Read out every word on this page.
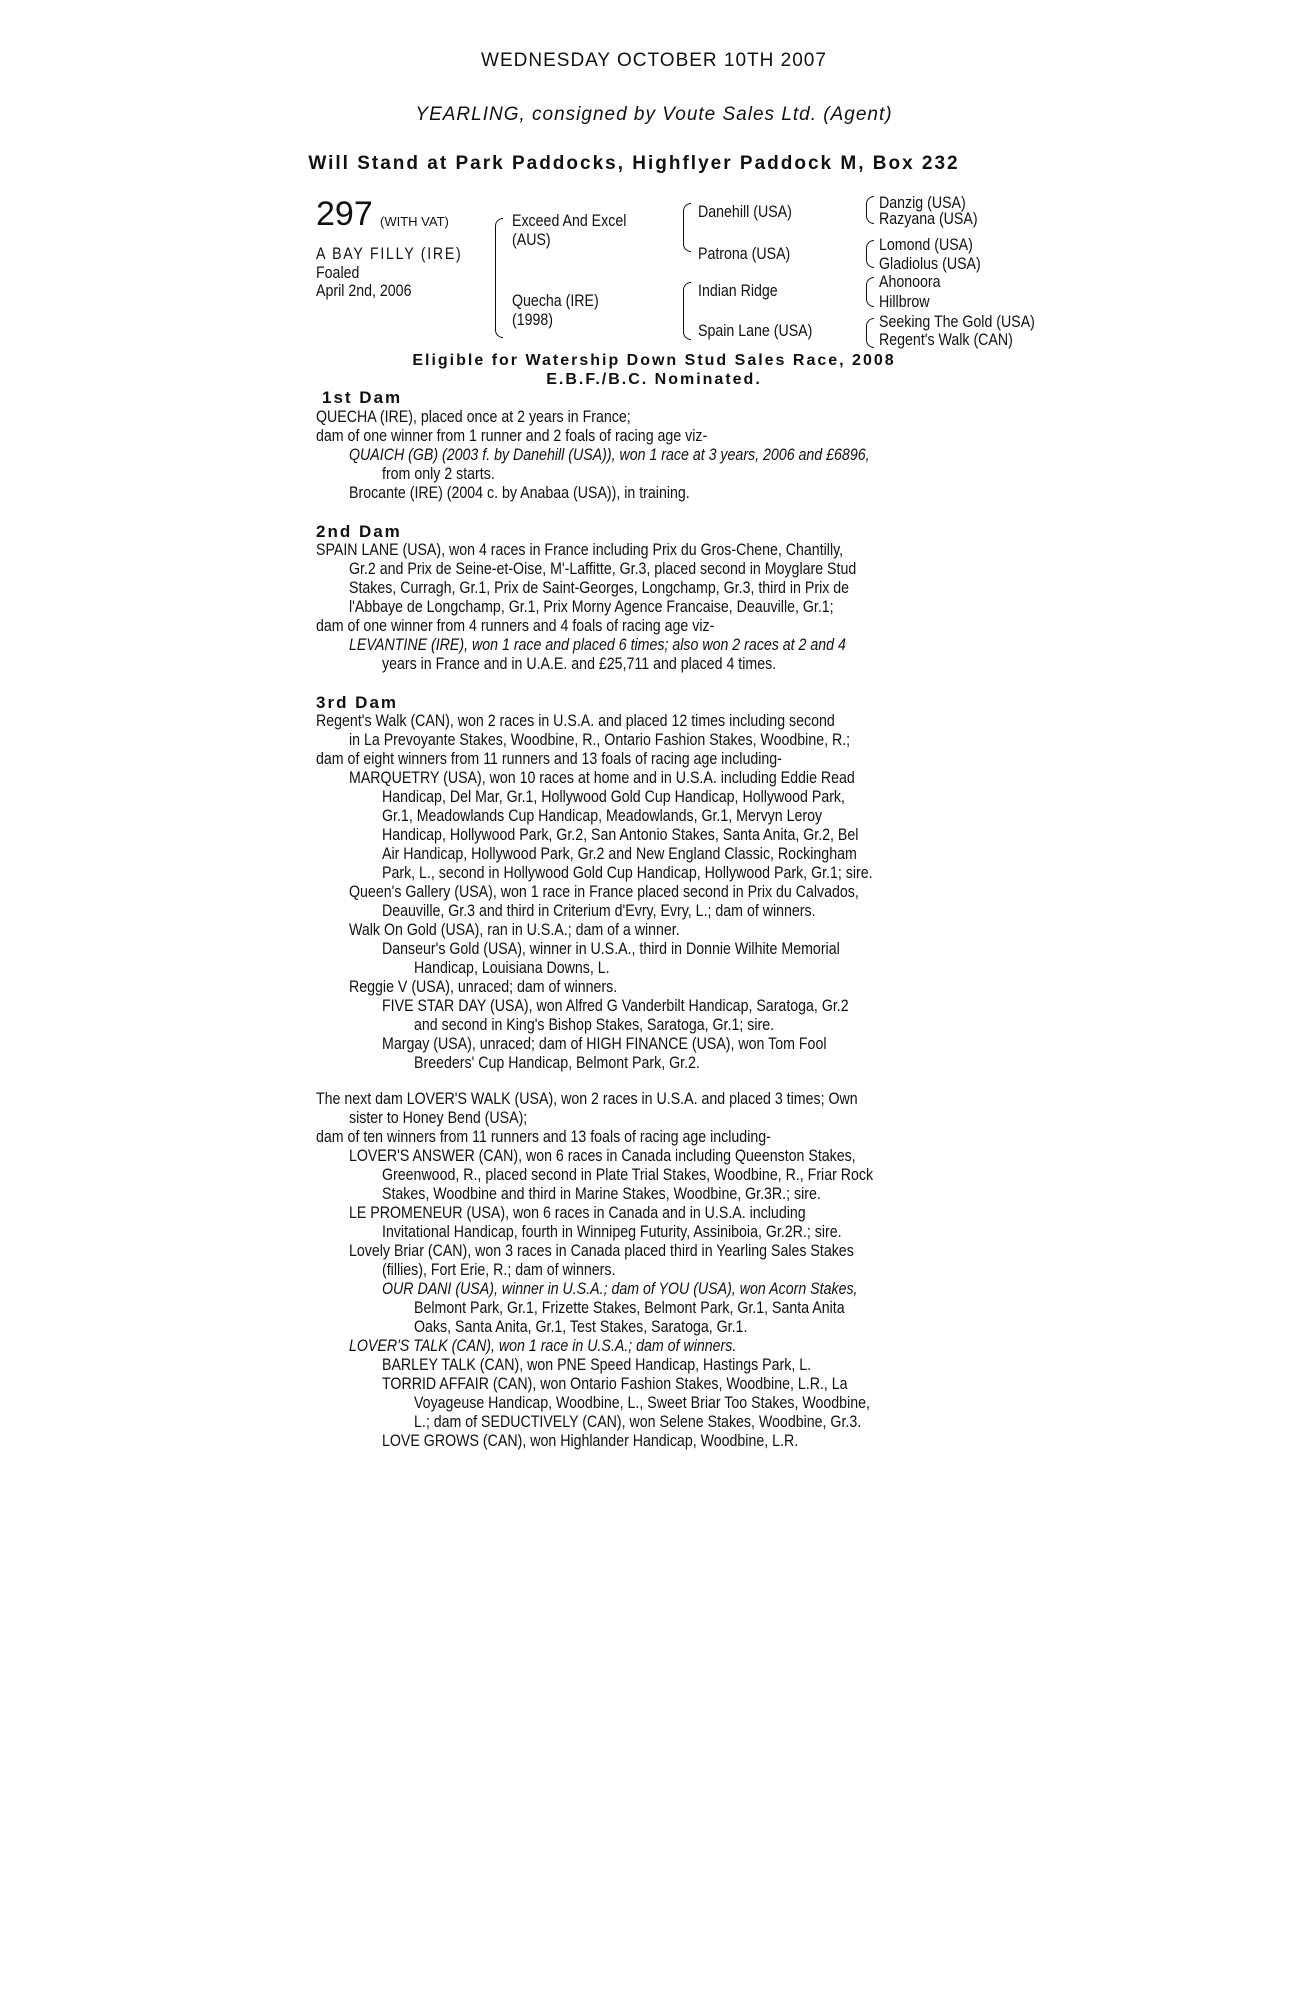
WEDNESDAY OCTOBER 10TH 2007
YEARLING, consigned by Voute Sales Ltd. (Agent)
Will Stand at Park Paddocks, Highflyer Paddock M, Box 232
297 (WITH VAT)
A BAY FILLY (IRE)
Foaled
April 2nd, 2006
Exceed And Excel
(AUS)
Quecha (IRE)
(1998)
Danehill (USA)
Patrona (USA)
Indian Ridge
Spain Lane (USA)
Danzig (USA)
Razyana (USA)
Lomond (USA)
Gladiolus (USA)
Ahonoora
Hillbrow
Seeking The Gold (USA)
Regent's Walk (CAN)
Eligible for Watership Down Stud Sales Race, 2008
E.B.F./B.C. Nominated.
1st Dam
QUECHA (IRE), placed once at 2 years in France;
dam of one winner from 1 runner and 2 foals of racing age viz-
QUAICH (GB) (2003 f. by Danehill (USA)), won 1 race at 3 years, 2006 and £6896,
from only 2 starts.
Brocante (IRE) (2004 c. by Anabaa (USA)), in training.
2nd Dam
SPAIN LANE (USA), won 4 races in France including Prix du Gros-Chene, Chantilly,
Gr.2 and Prix de Seine-et-Oise, M'-Laffitte, Gr.3, placed second in Moyglare Stud
Stakes, Curragh, Gr.1, Prix de Saint-Georges, Longchamp, Gr.3, third in Prix de
l'Abbaye de Longchamp, Gr.1, Prix Morny Agence Francaise, Deauville, Gr.1;
dam of one winner from 4 runners and 4 foals of racing age viz-
LEVANTINE (IRE), won 1 race and placed 6 times; also won 2 races at 2 and 4
years in France and in U.A.E. and £25,711 and placed 4 times.
3rd Dam
Regent's Walk (CAN), won 2 races in U.S.A. and placed 12 times including second
in La Prevoyante Stakes, Woodbine, R., Ontario Fashion Stakes, Woodbine, R.;
dam of eight winners from 11 runners and 13 foals of racing age including-
MARQUETRY (USA), won 10 races at home and in U.S.A. including Eddie Read
Handicap, Del Mar, Gr.1, Hollywood Gold Cup Handicap, Hollywood Park,
Gr.1, Meadowlands Cup Handicap, Meadowlands, Gr.1, Mervyn Leroy
Handicap, Hollywood Park, Gr.2, San Antonio Stakes, Santa Anita, Gr.2, Bel
Air Handicap, Hollywood Park, Gr.2 and New England Classic, Rockingham
Park, L., second in Hollywood Gold Cup Handicap, Hollywood Park, Gr.1; sire.
Queen's Gallery (USA), won 1 race in France placed second in Prix du Calvados,
Deauville, Gr.3 and third in Criterium d'Evry, Evry, L.; dam of winners.
Walk On Gold (USA), ran in U.S.A.; dam of a winner.
Danseur's Gold (USA), winner in U.S.A., third in Donnie Wilhite Memorial
Handicap, Louisiana Downs, L.
Reggie V (USA), unraced; dam of winners.
FIVE STAR DAY (USA), won Alfred G Vanderbilt Handicap, Saratoga, Gr.2
and second in King's Bishop Stakes, Saratoga, Gr.1; sire.
Margay (USA), unraced; dam of HIGH FINANCE (USA), won Tom Fool
Breeders' Cup Handicap, Belmont Park, Gr.2.
The next dam LOVER'S WALK (USA), won 2 races in U.S.A. and placed 3 times; Own
sister to Honey Bend (USA);
dam of ten winners from 11 runners and 13 foals of racing age including-
LOVER'S ANSWER (CAN), won 6 races in Canada including Queenston Stakes,
Greenwood, R., placed second in Plate Trial Stakes, Woodbine, R., Friar Rock
Stakes, Woodbine and third in Marine Stakes, Woodbine, Gr.3R.; sire.
LE PROMENEUR (USA), won 6 races in Canada and in U.S.A. including
Invitational Handicap, fourth in Winnipeg Futurity, Assiniboia, Gr.2R.; sire.
Lovely Briar (CAN), won 3 races in Canada placed third in Yearling Sales Stakes
(fillies), Fort Erie, R.; dam of winners.
OUR DANI (USA), winner in U.S.A.; dam of YOU (USA), won Acorn Stakes,
Belmont Park, Gr.1, Frizette Stakes, Belmont Park, Gr.1, Santa Anita
Oaks, Santa Anita, Gr.1, Test Stakes, Saratoga, Gr.1.
LOVER'S TALK (CAN), won 1 race in U.S.A.; dam of winners.
BARLEY TALK (CAN), won PNE Speed Handicap, Hastings Park, L.
TORRID AFFAIR (CAN), won Ontario Fashion Stakes, Woodbine, L.R., La
Voyageuse Handicap, Woodbine, L., Sweet Briar Too Stakes, Woodbine,
L.; dam of SEDUCTIVELY (CAN), won Selene Stakes, Woodbine, Gr.3.
LOVE GROWS (CAN), won Highlander Handicap, Woodbine, L.R.
